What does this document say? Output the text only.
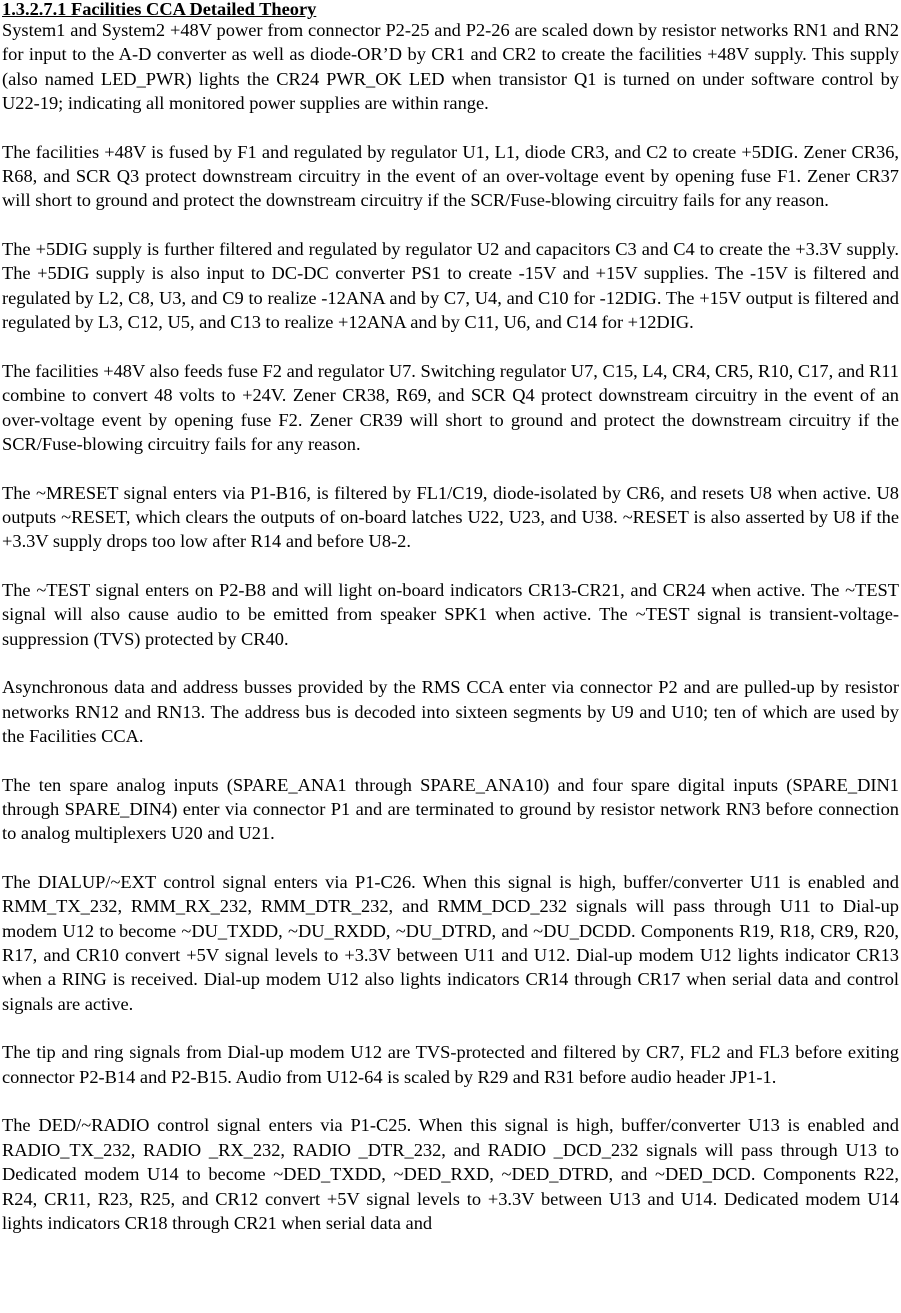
1.3.2.7.1 Facilities CCA Detailed Theory

System1 and System2 +48V power from connector P2-25 and P2-26 are scaled down by resistor networks RN1 and RN2 for input to the A-D converter as well as diode-OR’D by CR1 and CR2 to create the facilities +48V supply. This supply (also named LED_PWR) lights the CR24 PWR_OK LED when transistor Q1 is turned on under software control by U22-19; indicating all monitored power supplies are within range.

The facilities +48V is fused by F1 and regulated by regulator U1, L1, diode CR3, and C2 to create +5DIG. Zener CR36, R68, and SCR Q3 protect downstream circuitry in the event of an over-voltage event by opening fuse F1. Zener CR37 will short to ground and protect the downstream circuitry if the SCR/Fuse-blowing circuitry fails for any reason.

The +5DIG supply is further filtered and regulated by regulator U2 and capacitors C3 and C4 to create the +3.3V supply. The +5DIG supply is also input to DC-DC converter PS1 to create -15V and +15V supplies. The -15V is filtered and regulated by L2, C8, U3, and C9 to realize -12ANA and by C7, U4, and C10 for -12DIG. The +15V output is filtered and regulated by L3, C12, U5, and C13 to realize +12ANA and by C11, U6, and C14 for +12DIG.

The facilities +48V also feeds fuse F2 and regulator U7. Switching regulator U7, C15, L4, CR4, CR5, R10, C17, and R11 combine to convert 48 volts to +24V. Zener CR38, R69, and SCR Q4 protect downstream circuitry in the event of an over-voltage event by opening fuse F2. Zener CR39 will short to ground and protect the downstream circuitry if the SCR/Fuse-blowing circuitry fails for any reason.

The ~MRESET signal enters via P1-B16, is filtered by FL1/C19, diode-isolated by CR6, and resets U8 when active. U8 outputs ~RESET, which clears the outputs of on-board latches U22, U23, and U38. ~RESET is also asserted by U8 if the +3.3V supply drops too low after R14 and before U8-2.

The ~TEST signal enters on P2-B8 and will light on-board indicators CR13-CR21, and CR24 when active. The ~TEST signal will also cause audio to be emitted from speaker SPK1 when active. The ~TEST signal is transient-voltage-suppression (TVS) protected by CR40.

Asynchronous data and address busses provided by the RMS CCA enter via connector P2 and are pulled-up by resistor networks RN12 and RN13. The address bus is decoded into sixteen segments by U9 and U10; ten of which are used by the Facilities CCA.

The ten spare analog inputs (SPARE_ANA1 through SPARE_ANA10) and four spare digital inputs (SPARE_DIN1 through SPARE_DIN4) enter via connector P1 and are terminated to ground by resistor network RN3 before connection to analog multiplexers U20 and U21.

The DIALUP/~EXT control signal enters via P1-C26. When this signal is high, buffer/converter U11 is enabled and RMM_TX_232, RMM_RX_232, RMM_DTR_232, and RMM_DCD_232 signals will pass through U11 to Dial-up modem U12 to become ~DU_TXDD, ~DU_RXDD, ~DU_DTRD, and ~DU_DCDD. Components R19, R18, CR9, R20, R17, and CR10 convert +5V signal levels to +3.3V between U11 and U12. Dial-up modem U12 lights indicator CR13 when a RING is received. Dial-up modem U12 also lights indicators CR14 through CR17 when serial data and control signals are active.

The tip and ring signals from Dial-up modem U12 are TVS-protected and filtered by CR7, FL2 and FL3 before exiting connector P2-B14 and P2-B15. Audio from U12-64 is scaled by R29 and R31 before audio header JP1-1.

The DED/~RADIO control signal enters via P1-C25. When this signal is high, buffer/converter U13 is enabled and RADIO_TX_232, RADIO _RX_232, RADIO _DTR_232, and RADIO _DCD_232 signals will pass through U13 to Dedicated modem U14 to become ~DED_TXDD, ~DED_RXD, ~DED_DTRD, and ~DED_DCD. Components R22, R24, CR11, R23, R25, and CR12 convert +5V signal levels to +3.3V between U13 and U14. Dedicated modem U14 lights indicators CR18 through CR21 when serial data and
